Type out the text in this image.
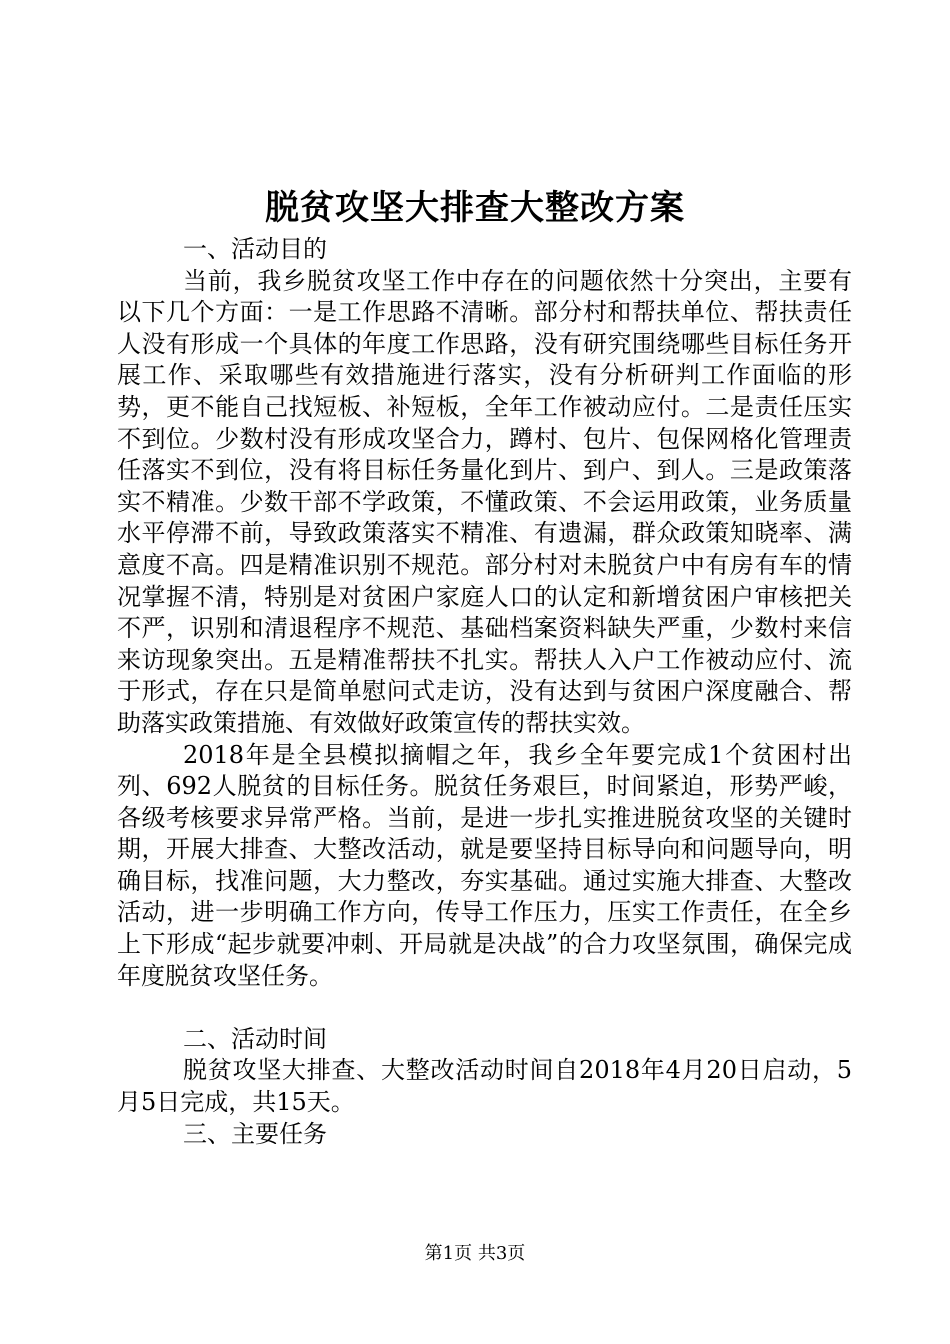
脱贫攻坚大排查大整改方案

一、活动目的

当前，我乡脱贫攻坚工作中存在的问题依然十分突出，主要有以下几个方面：一是工作思路不清晰。部分村和帮扶单位、帮扶责任人没有形成一个具体的年度工作思路，没有研究围绕哪些目标任务开展工作、采取哪些有效措施进行落实，没有分析研判工作面临的形势，更不能自己找短板、补短板，全年工作被动应付。二是责任压实不到位。少数村没有形成攻坚合力，蹲村、包片、包保网格化管理责任落实不到位，没有将目标任务量化到片、到户、到人。三是政策落实不精准。少数干部不学政策，不懂政策、不会运用政策，业务质量水平停滞不前，导致政策落实不精准、有遗漏，群众政策知晓率、满意度不高。四是精准识别不规范。部分村对未脱贫户中有房有车的情况掌握不清，特别是对贫困户家庭人口的认定和新增贫困户审核把关不严，识别和清退程序不规范、基础档案资料缺失严重，少数村来信来访现象突出。五是精准帮扶不扎实。帮扶人入户工作被动应付、流于形式，存在只是简单慰问式走访，没有达到与贫困户深度融合、帮助落实政策措施、有效做好政策宣传的帮扶实效。

2018年是全县模拟摘帽之年，我乡全年要完成1个贫困村出列、692人脱贫的目标任务。脱贫任务艰巨，时间紧迫，形势严峻，各级考核要求异常严格。当前，是进一步扎实推进脱贫攻坚的关键时期，开展大排查、大整改活动，就是要坚持目标导向和问题导向，明确目标，找准问题，大力整改，夯实基础。通过实施大排查、大整改活动，进一步明确工作方向，传导工作压力，压实工作责任，在全乡上下形成“起步就要冲刺、开局就是决战”的合力攻坚氛围，确保完成年度脱贫攻坚任务。

二、活动时间

脱贫攻坚大排查、大整改活动时间自2018年4月20日启动，5月5日完成，共15天。

三、主要任务

第1页 共3页
